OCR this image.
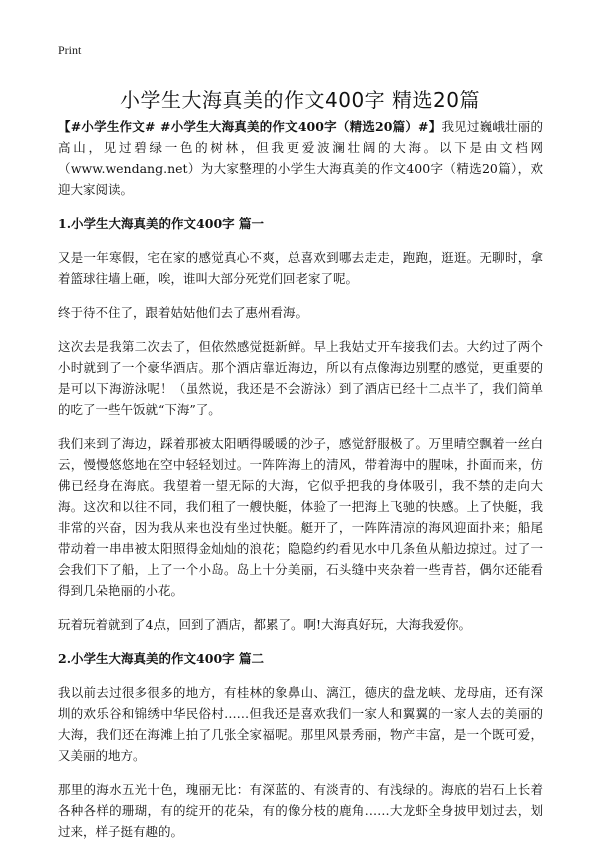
Print
小学生大海真美的作文400字 精选20篇

【#小学生作文# #小学生大海真美的作文400字（精选20篇）#】我见过巍峨壮丽的高山，见过碧绿一色的树林，但我更爱波澜壮阔的大海。以下是由文档网（www.wendang.net）为大家整理的小学生大海真美的作文400字（精选20篇），欢迎大家阅读。

1.小学生大海真美的作文400字 篇一

又是一年寒假，宅在家的感觉真心不爽，总喜欢到哪去走走，跑跑，逛逛。无聊时，拿着篮球往墙上砸，唉，谁叫大部分死党们回老家了呢。

终于待不住了，跟着姑姑他们去了惠州看海。

这次去是我第二次去了，但依然感觉挺新鲜。早上我姑丈开车接我们去。大约过了两个小时就到了一个豪华酒店。那个酒店靠近海边，所以有点像海边别墅的感觉，更重要的是可以下海游泳呢！（虽然说，我还是不会游泳）到了酒店已经十二点半了，我们简单的吃了一些午饭就“下海”了。

我们来到了海边，踩着那被太阳晒得暖暖的沙子，感觉舒服极了。万里晴空飘着一丝白云，慢慢悠悠地在空中轻轻划过。一阵阵海上的清风，带着海中的腥味，扑面而来，仿佛已经身在海底。我望着一望无际的大海，它似乎把我的身体吸引，我不禁的走向大海。这次和以往不同，我们租了一艘快艇，体验了一把海上飞驰的快感。上了快艇，我非常的兴奋，因为我从来也没有坐过快艇。艇开了，一阵阵清凉的海风迎面扑来；船尾带动着一串串被太阳照得金灿灿的浪花；隐隐约约看见水中几条鱼从船边掠过。过了一会我们下了船，上了一个小岛。岛上十分美丽，石头缝中夹杂着一些青苔，偶尔还能看得到几朵艳丽的小花。

玩着玩着就到了4点，回到了酒店，都累了。啊!大海真好玩，大海我爱你。

2.小学生大海真美的作文400字 篇二

我以前去过很多很多的地方，有桂林的象鼻山、漓江，德庆的盘龙峡、龙母庙，还有深圳的欢乐谷和锦绣中华民俗村……但我还是喜欢我们一家人和翼翼的一家人去的美丽的大海，我们还在海滩上拍了几张全家福呢。那里风景秀丽，物产丰富，是一个既可爱，又美丽的地方。

那里的海水五光十色，瑰丽无比：有深蓝的、有淡青的、有浅绿的。海底的岩石上长着各种各样的珊瑚，有的绽开的花朵，有的像分枝的鹿角……大龙虾全身披甲划过去，划过来，样子挺有趣的。
